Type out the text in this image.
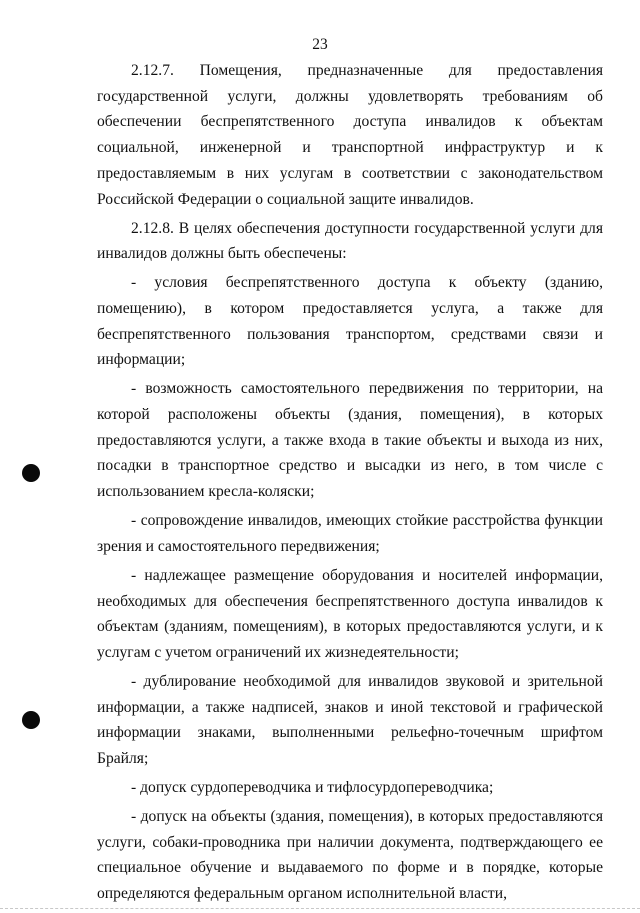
23

2.12.7. Помещения, предназначенные для предоставления государственной услуги, должны удовлетворять требованиям об обеспечении беспрепятственного доступа инвалидов к объектам социальной, инженерной и транспортной инфраструктур и к предоставляемым в них услугам в соответствии с законодательством Российской Федерации о социальной защите инвалидов.

2.12.8. В целях обеспечения доступности государственной услуги для инвалидов должны быть обеспечены:

- условия беспрепятственного доступа к объекту (зданию, помещению), в котором предоставляется услуга, а также для беспрепятственного пользования транспортом, средствами связи и информации;

- возможность самостоятельного передвижения по территории, на которой расположены объекты (здания, помещения), в которых предоставляются услуги, а также входа в такие объекты и выхода из них, посадки в транспортное средство и высадки из него, в том числе с использованием кресла-коляски;

- сопровождение инвалидов, имеющих стойкие расстройства функции зрения и самостоятельного передвижения;

- надлежащее размещение оборудования и носителей информации, необходимых для обеспечения беспрепятственного доступа инвалидов к объектам (зданиям, помещениям), в которых предоставляются услуги, и к услугам с учетом ограничений их жизнедеятельности;

- дублирование необходимой для инвалидов звуковой и зрительной информации, а также надписей, знаков и иной текстовой и графической информации знаками, выполненными рельефно-точечным шрифтом Брайля;

- допуск сурдопереводчика и тифлосурдопереводчика;

- допуск на объекты (здания, помещения), в которых предоставляются услуги, собаки-проводника при наличии документа, подтверждающего ее специальное обучение и выдаваемого по форме и в порядке, которые определяются федеральным органом исполнительной власти,
